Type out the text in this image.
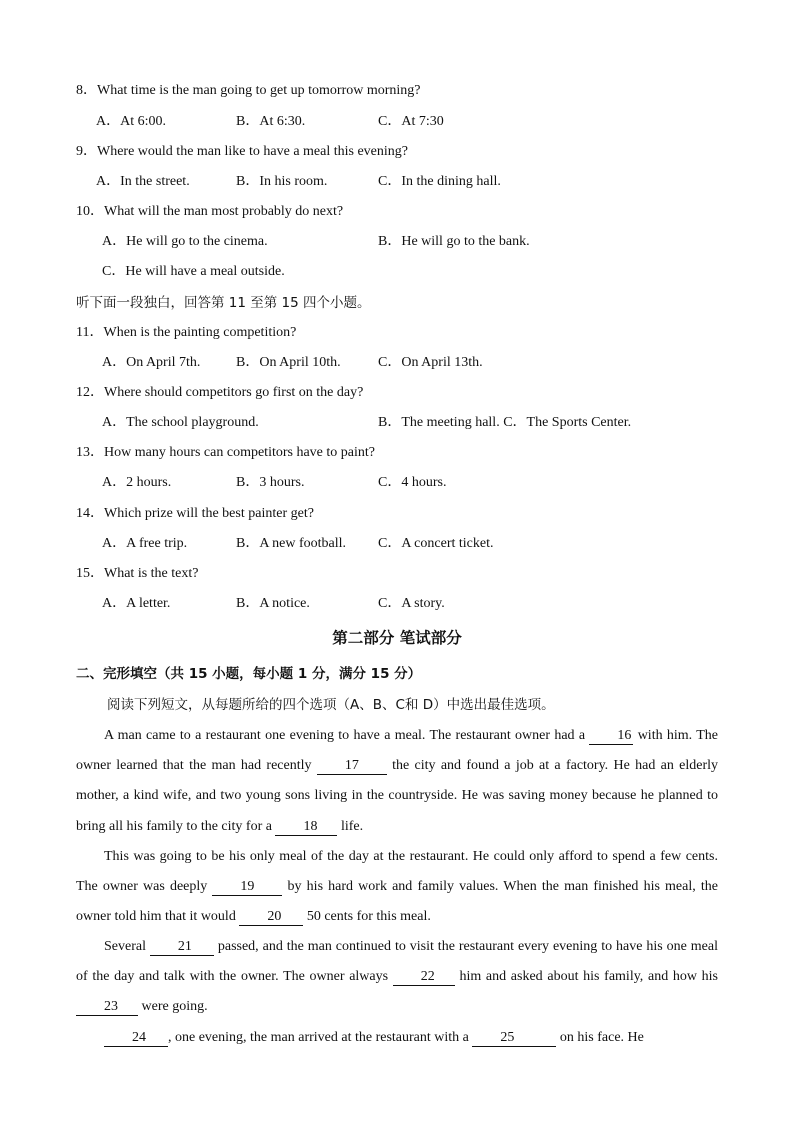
8．What time is the man going to get up tomorrow morning?
A．At 6:00.	B．At 6:30.	C．At 7:30
9．Where would the man like to have a meal this evening?
A．In the street.	B．In his room.	C．In the dining hall.
10．What will the man most probably do next?
A．He will go to the cinema.	B．He will go to the bank.
C．He will have a meal outside.
听下面一段独白，回答第 11 至第 15 四个小题。
11．When is the painting competition?
A．On April 7th.	B．On April 10th.	C．On April 13th.
12．Where should competitors go first on the day?
A．The school playground.	B．The meeting hall. C．The Sports Center.
13．How many hours can competitors have to paint?
A．2 hours.	B．3 hours.	C．4 hours.
14．Which prize will the best painter get?
A．A free trip.	B．A new football. C．A concert ticket.
15．What is the text?
A．A letter.	B．A notice.	C．A story.
第二部分 笔试部分
二、完形填空（共 15 小题，每小题 1 分，满分 15 分）
阅读下列短文，从每题所给的四个选项（A、B、C和 D）中选出最佳选项。
A man came to a restaurant one evening to have a meal. The restaurant owner had a 16 with him. The owner learned that the man had recently 17 the city and found a job at a factory. He had an elderly mother, a kind wife, and two young sons living in the countryside. He was saving money because he planned to bring all his family to the city for a 18 life.
This was going to be his only meal of the day at the restaurant. He could only afford to spend a few cents. The owner was deeply 19 by his hard work and family values. When the man finished his meal, the owner told him that it would 20 50 cents for this meal.
Several 21 passed, and the man continued to visit the restaurant every evening to have his one meal of the day and talk with the owner. The owner always 22 him and asked about his family, and how his 23 were going.
24 , one evening, the man arrived at the restaurant with a 25	on his face. He
